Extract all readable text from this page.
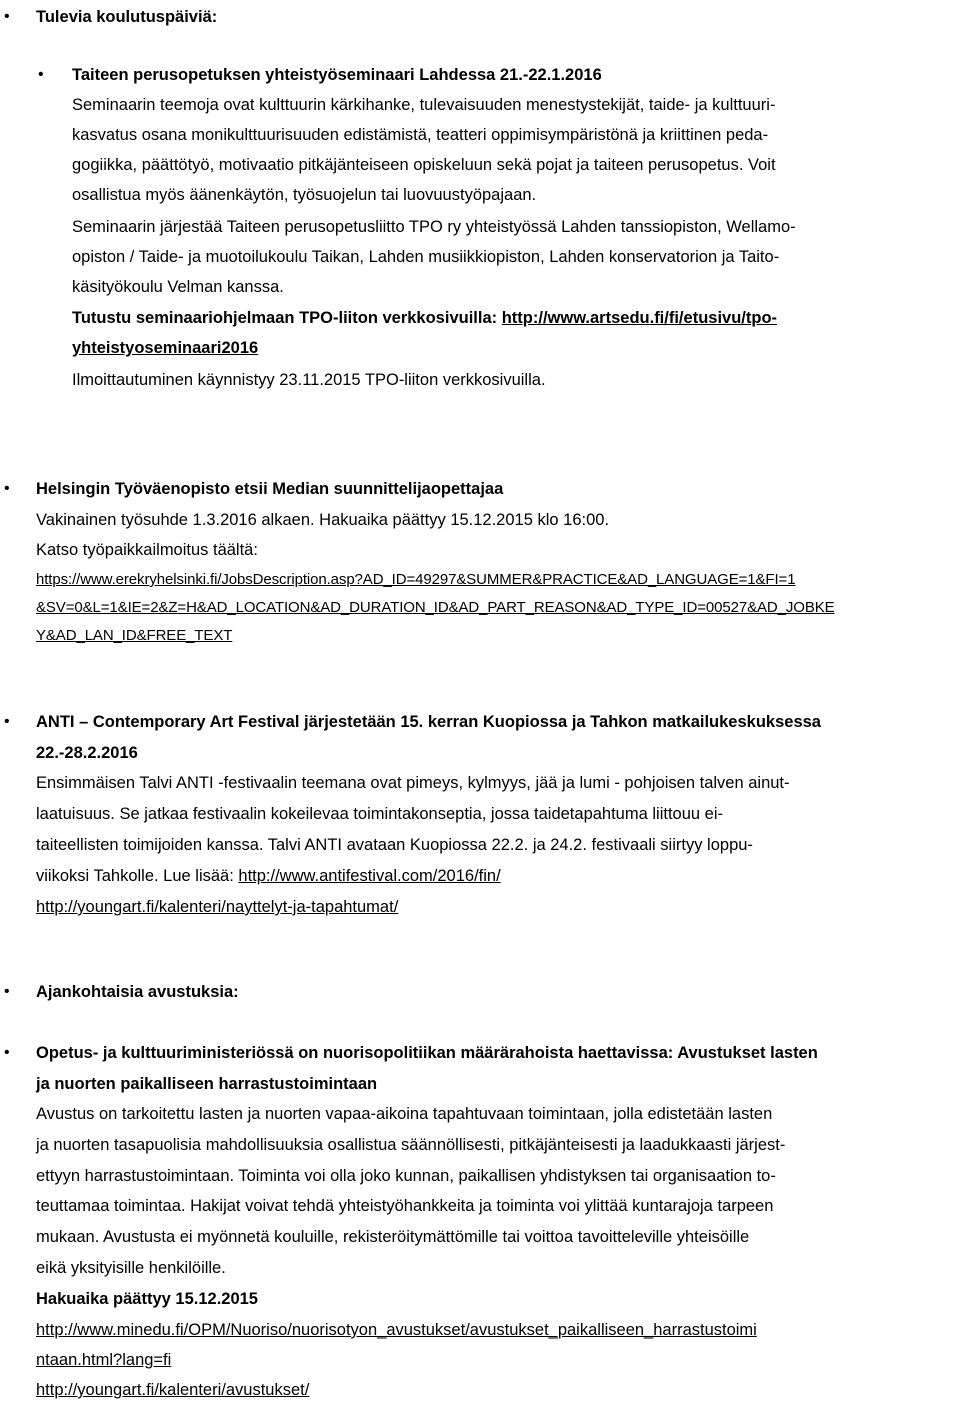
• Tulevia koulutuspäiviä:
• Taiteen perusopetuksen yhteistyöseminaari Lahdessa 21.-22.1.2016
Seminaarin teemoja ovat kulttuurin kärkihanke, tulevaisuuden menestystekijät, taide- ja kulttuuri-
kasvatus osana monikulttuurisuuden edistämistä, teatteri oppimisympäristönä ja kriittinen peda-
gogiikka, päättötyö, motivaatio pitkäjänteiseen opiskeluun sekä pojat ja taiteen perusopetus. Voit
osallistua myös äänenkäytön, työsuojelun tai luovuustyöpajaan.
Seminaarin järjestää Taiteen perusopetusliitto TPO ry yhteistyössä Lahden tanssiopiston, Wellamo-
opiston / Taide- ja muotoilukoulu Taikan, Lahden musiikkiopiston, Lahden konservatorion ja Taito-
käsityökoulu Velman kanssa.
Tutustu seminaariohjelmaan TPO-liiton verkkosivuilla: http://www.artsedu.fi/fi/etusivu/tpo-
yhteistyoseminaari2016
Ilmoittautuminen käynnistyy 23.11.2015 TPO-liiton verkkosivuilla.
• Helsingin Työväenopisto etsii Median suunnittelijaopettajaa
Vakinainen työsuhde 1.3.2016 alkaen. Hakuaika päättyy 15.12.2015 klo 16:00.
Katso työpaikkailmoitus täältä:
https://www.erekryhelsinki.fi/JobsDescription.asp?AD_ID=49297&SUMMER&PRACTICE&AD_LANGUAGE=1&FI=1
&SV=0&L=1&IE=2&Z=H&AD_LOCATION&AD_DURATION_ID&AD_PART_REASON&AD_TYPE_ID=00527&AD_JOBKE
Y&AD_LAN_ID&FREE_TEXT
• ANTI – Contemporary Art Festival järjestetään 15. kerran Kuopiossa ja Tahkon matkailukeskuksessa
22.-28.2.2016
Ensimmäisen Talvi ANTI -festivaalin teemana ovat pimeys, kylmyys, jää ja lumi - pohjoisen talven ainut-
laatuisuus. Se jatkaa festivaalin kokeilevaa toimintakonseptia, jossa taidetapahtuma liittouu ei-
taiteellisten toimijoiden kanssa. Talvi ANTI avataan Kuopiossa 22.2. ja 24.2. festivaali siirtyy loppu-
viikoksi Tahkolle. Lue lisää: http://www.antifestival.com/2016/fin/
http://youngart.fi/kalenteri/nayttelyt-ja-tapahtumat/
• Ajankohtaisia avustuksia:
• Opetus- ja kulttuuriministeriössä on nuorisopolitiikan määrärahoista haettavissa: Avustukset lasten
ja nuorten paikalliseen harrastustoimintaan
Avustus on tarkoitettu lasten ja nuorten vapaa-aikoina tapahtuvaan toimintaan, jolla edistetään lasten
ja nuorten tasapuolisia mahdollisuuksia osallistua säännöllisesti, pitkäjänteisesti ja laadukkaasti järjest-
ettyyn harrastustoimintaan. Toiminta voi olla joko kunnan, paikallisen yhdistyksen tai organisaation to-
teuttamaa toimintaa. Hakijat voivat tehdä yhteistyöhankkeita ja toiminta voi ylittää kuntarajoja tarpeen
mukaan. Avustusta ei myönnetä kouluille, rekisteröitymättömille tai voittoa tavoitteleville yhteisöille
eikä yksityisille henkilöille.
Hakuaika päättyy 15.12.2015
http://www.minedu.fi/OPM/Nuoriso/nuorisotyon_avustukset/avustukset_paikalliseen_harrastustoimi
ntaan.html?lang=fi
http://youngart.fi/kalenteri/avustukset/
